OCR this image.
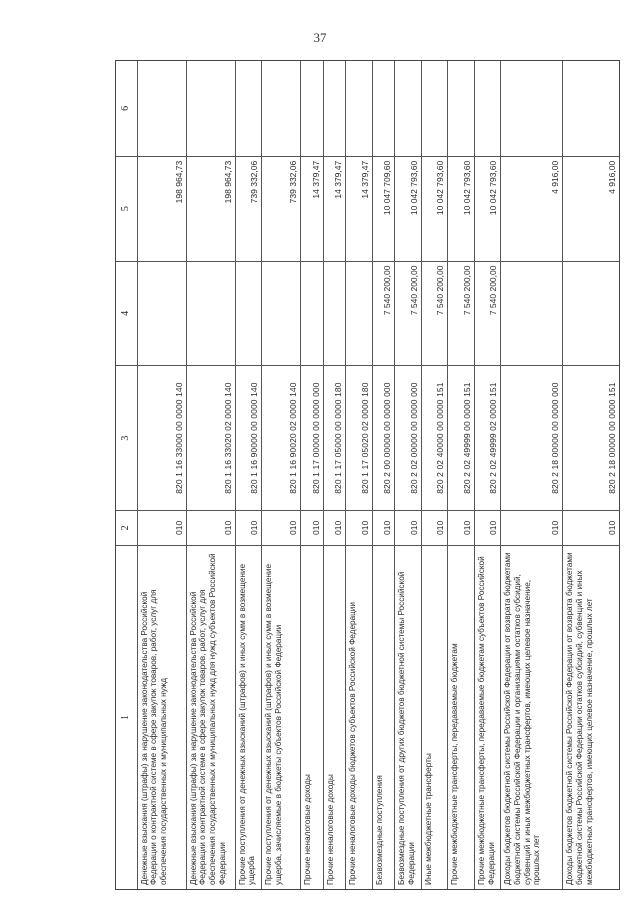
37
1
2
3
4
5
6
Денежные взыскания (штрафы) за нарушение законодательства Российской Федерации о контрактной системе в сфере закупок товаров, работ, услуг для обеспечения государственных и муниципальных нужд
010
820 1 16 33000 00 0000 140
198 964,73
Денежные взыскания (штрафы) за нарушение законодательства Российской Федерации о контрактной системе в сфере закупок товаров, работ, услуг для обеспечения государственных и муниципальных нужд для нужд субъектов Российской Федерации
010
820 1 16 33020 02 0000 140
198 964,73
Прочие поступления от денежных взысканий (штрафов) и иных сумм в возмещение ущерба
010
820 1 16 90000 00 0000 140
739 332,06
Прочие поступления от денежных взысканий (штрафов) и иных сумм в возмещение ущерба, зачисляемые в бюджеты субъектов Российской Федерации
010
820 1 16 90020 02 0000 140
739 332,06
Прочие неналоговые доходы
010
820 1 17 00000 00 0000 000
14 379,47
Прочие неналоговые доходы
010
820 1 17 05000 00 0000 180
14 379,47
Прочие неналоговые доходы бюджетов субъектов Российской Федерации
010
820 1 17 05020 02 0000 180
14 379,47
Безвозмездные поступления
010
820 2 00 00000 00 0000 000
7 540 200,00
10 047 709,60
Безвозмездные поступления от других бюджетов бюджетной системы Российской Федерации
010
820 2 02 00000 00 0000 000
7 540 200,00
10 042 793,60
Иные межбюджетные трансферты
010
820 2 02 40000 00 0000 151
7 540 200,00
10 042 793,60
Прочие межбюджетные трансферты, передаваемые бюджетам
010
820 2 02 49999 00 0000 151
7 540 200,00
10 042 793,60
Прочие межбюджетные трансферты, передаваемые бюджетам субъектов Российской Федерации
010
820 2 02 49999 02 0000 151
7 540 200,00
10 042 793,60
Доходы бюджетов бюджетной системы Российской Федерации от возврата бюджетами бюджетной системы Российской Федерации и организациями остатков субсидий, субвенций и иных межбюджетных трансфертов, имеющих целевое назначение, прошлых лет
010
820 2 18 00000 00 0000 000
4 916,00
Доходы бюджетов бюджетной системы Российской Федерации от возврата бюджетами бюджетной системы Российской Федерации остатков субсидий, субвенций и иных межбюджетных трансфертов, имеющих целевое назначение, прошлых лет
010
820 2 18 00000 00 0000 151
4 916,00
